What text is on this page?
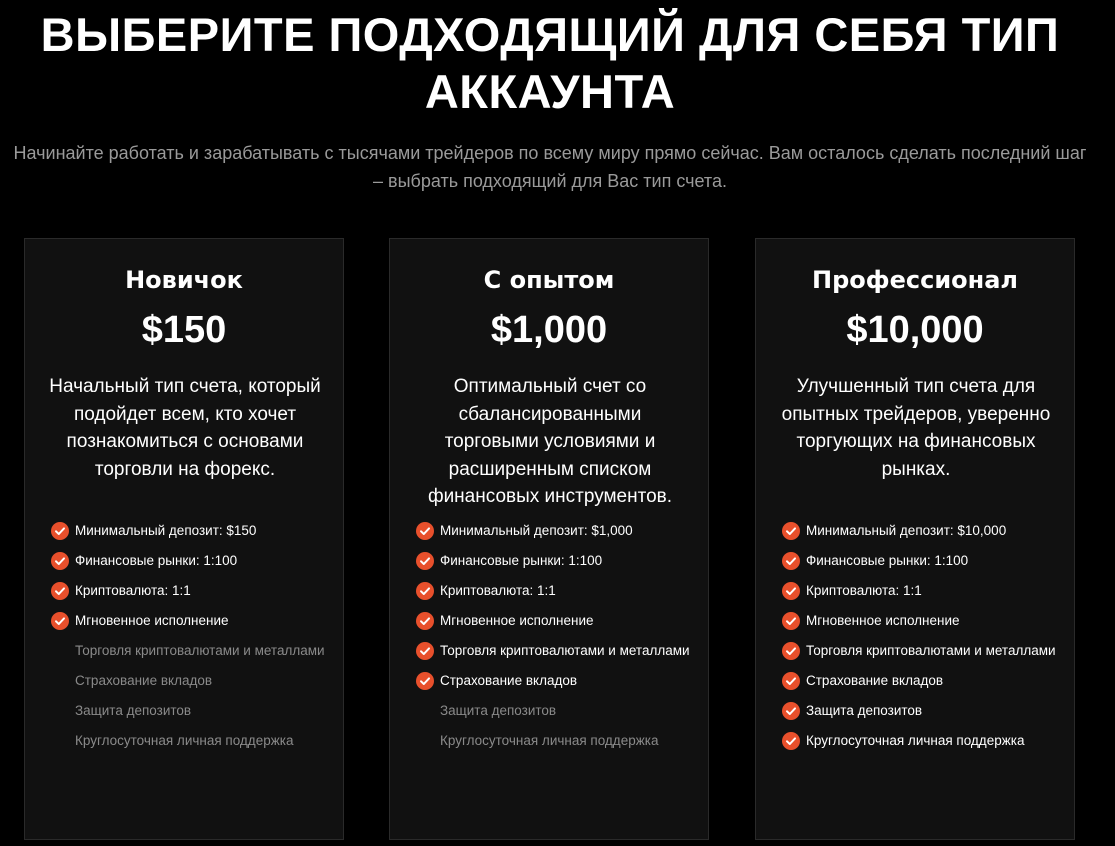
ВЫБЕРИТЕ ПОДХОДЯЩИЙ ДЛЯ СЕБЯ ТИП АККАУНТА

Начинайте работать и зарабатывать с тысячами трейдеров по всему миру прямо сейчас. Вам осталось сделать последний шаг – выбрать подходящий для Вас тип счета.

Новичок
$150

Начальный тип счета, который подойдет всем, кто хочет познакомиться с основами торговли на форекс.

Минимальный депозит: $150
Финансовые рынки: 1:100
Криптовалюта: 1:1
Мгновенное исполнение
Торговля криптовалютами и металлами
Страхование вкладов
Защита депозитов
Круглосуточная личная поддержка
С опытом
$1,000

Оптимальный счет со сбалансированными торговыми условиями и расширенным списком финансовых инструментов.

Минимальный депозит: $1,000
Финансовые рынки: 1:100
Криптовалюта: 1:1
Мгновенное исполнение
Торговля криптовалютами и металлами
Страхование вкладов
Защита депозитов
Круглосуточная личная поддержка
Профессионал
$10,000

Улучшенный тип счета для опытных трейдеров, уверенно торгующих на финансовых рынках.

Минимальный депозит: $10,000
Финансовые рынки: 1:100
Криптовалюта: 1:1
Мгновенное исполнение
Торговля криптовалютами и металлами
Страхование вкладов
Защита депозитов
Круглосуточная личная поддержка
